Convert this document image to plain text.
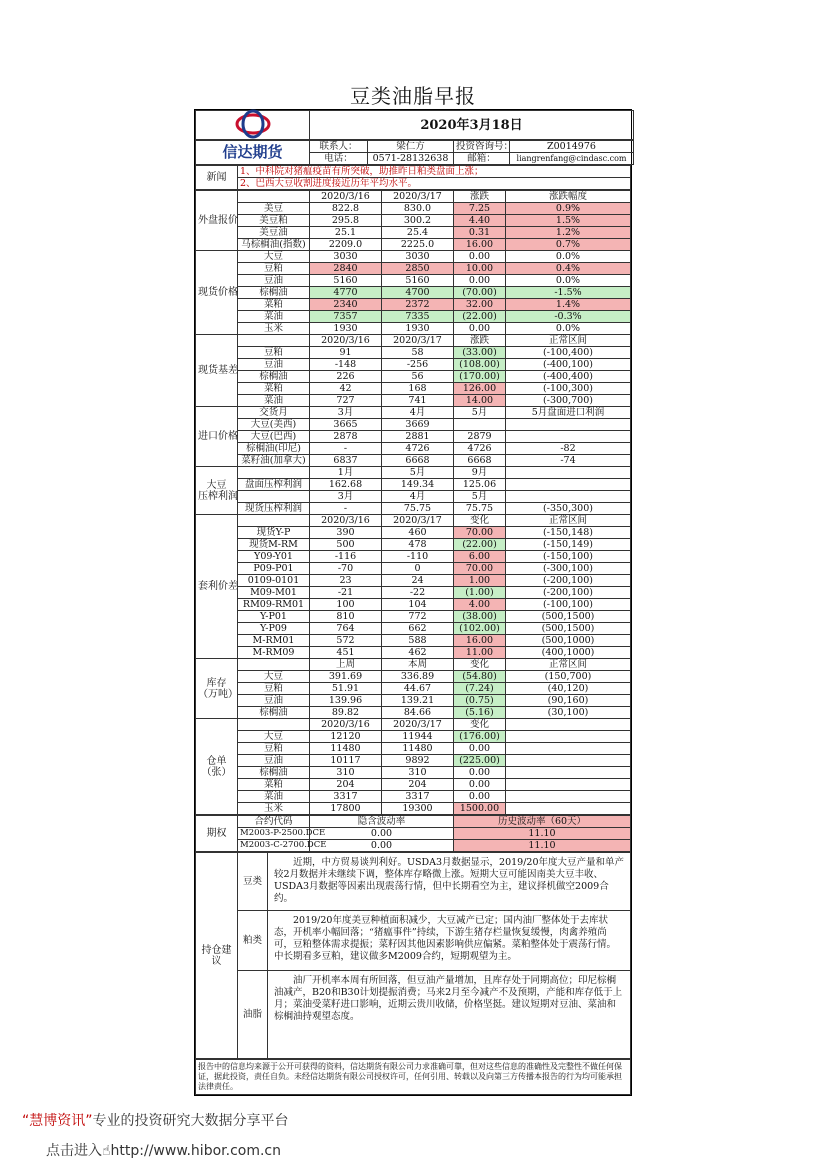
豆类油脂早报
	2020年3月18日
信达期货	联系人：	梁仁方	投资咨询号：	Z0014976
	电话：	0571-28132638	邮箱：	liangrenfang@cindasc.com
新闻	1、中科院对猪瘟疫苗有所突破，助推昨日粕类盘面上涨；
2、巴西大豆收割进度接近历年平均水平。
外盘报价		2020/3/16	2020/3/17	涨跌	涨跌幅度
	美豆	822.8	830.0	7.25	0.9%
	美豆粕	295.8	300.2	4.40	1.5%
	美豆油	25.1	25.4	0.31	1.2%
	马棕榈油(指数)	2209.0	2225.0	16.00	0.7%

现货价格	大豆	3030	3030	0.00	0.0%
	豆粕	2840	2850	10.00	0.4%
	豆油	5160	5160	0.00	0.0%
	棕榈油	4770	4700	(70.00)	-1.5%
	菜粕	2340	2372	32.00	1.4%
	菜油	7357	7335	(22.00)	-0.3%
	玉米	1930	1930	0.00	0.0%

现货基差		2020/3/16	2020/3/17	涨跌	正常区间
	豆粕	91	58	(33.00)	(-100,400)
	豆油	-148	-256	(108.00)	(-400,100)
	棕榈油	226	56	(170.00)	(-400,400)
	菜粕	42	168	126.00	(-100,300)
	菜油	727	741	14.00	(-300,700)

进口价格	交货月	3月	4月	5月	5月盘面进口利润
	大豆(美西)	3665	3669		
	大豆(巴西)	2878	2881	2879	
	棕榈油(印尼)	-	4726	4726	-82
	菜籽油(加拿大)	6837	6668	6668	-74

大豆
压榨利润		1月	5月	9月	
	盘面压榨利润	162.68	149.34	125.06	
		3月	4月	5月	
	现货压榨利润	-	75.75	75.75	(-350,300)

套利价差		2020/3/16	2020/3/17	变化	正常区间
	现货Y-P	390	460	70.00	(-150,148)
	现货M-RM	500	478	(22.00)	(-150,149)
	Y09-Y01	-116	-110	6.00	(-150,100)
	P09-P01	-70	0	70.00	(-300,100)
	0109-0101	23	24	1.00	(-200,100)
	M09-M01	-21	-22	(1.00)	(-200,100)
	RM09-RM01	100	104	4.00	(-100,100)
	Y-P01	810	772	(38.00)	(500,1500)
	Y-P09	764	662	(102.00)	(500,1500)
	M-RM01	572	588	16.00	(500,1000)
	M-RM09	451	462	11.00	(400,1000)

库存
（万吨）		上周	本周	变化	正常区间
	大豆	391.69	336.89	(54.80)	(150,700)
	豆粕	51.91	44.67	(7.24)	(40,120)
	豆油	139.96	139.21	(0.75)	(90,160)
	棕榈油	89.82	84.66	(5.16)	(30,100)

仓单
（张）		2020/3/16	2020/3/17	变化	
	大豆	12120	11944	(176.00)	
	豆粕	11480	11480	0.00	
	豆油	10117	9892	(225.00)	
	棕榈油	310	310	0.00	
	菜粕	204	204	0.00	
	菜油	3317	3317	0.00	
	玉米	17800	19300	1500.00	
期权	合约代码	隐含波动率	历史波动率（60天）
	M2003-P-2500.DCE	0.00	11.10
	M2003-C-2700.DCE	0.00	11.10
持仓建议	豆类	近期，中方贸易谈判利好。USDA3月数据显示，2019/20年度大豆产量和单产较2月数据并未继续下调，整体库存略微上涨。短期大豆可能因南美大豆丰收、USDA3月数据等因素出现震荡行情，但中长期看空为主，建议择机做空2009合约。
	粕类	2019/20年度美豆种植面积减少，大豆减产已定；国内油厂整体处于去库状态，开机率小幅回落；“猪瘟事件”持续，下游生猪存栏量恢复缓慢，肉禽养殖尚可，豆粕整体需求提振；菜籽因其他因素影响供应偏紧。菜粕整体处于震荡行情。中长期看多豆粕，建议做多M2009合约，短期观望为主。
	油脂	油厂开机率本周有所回落，但豆油产量增加，且库存处于同期高位；印尼棕榈油减产，B20和B30计划提振消费；马来2月至今减产不及预期，产能和库存低于上月；菜油受菜籽进口影响，近期云贵川收储，价格坚挺。建议短期对豆油、菜油和棕榈油持观望态度。
报告中的信息均来源于公开可获得的资料，信达期货有限公司力求准确可靠，但对这些信息的准确性及完整性不做任何保证，据此投资，责任自负。未经信达期货有限公司授权许可，任何引用、转载以及向第三方传播本报告的行为均可能承担法律责任。
“慧博资讯”专业的投资研究大数据分享平台
点击进入☝http://www.hibor.com.cn
